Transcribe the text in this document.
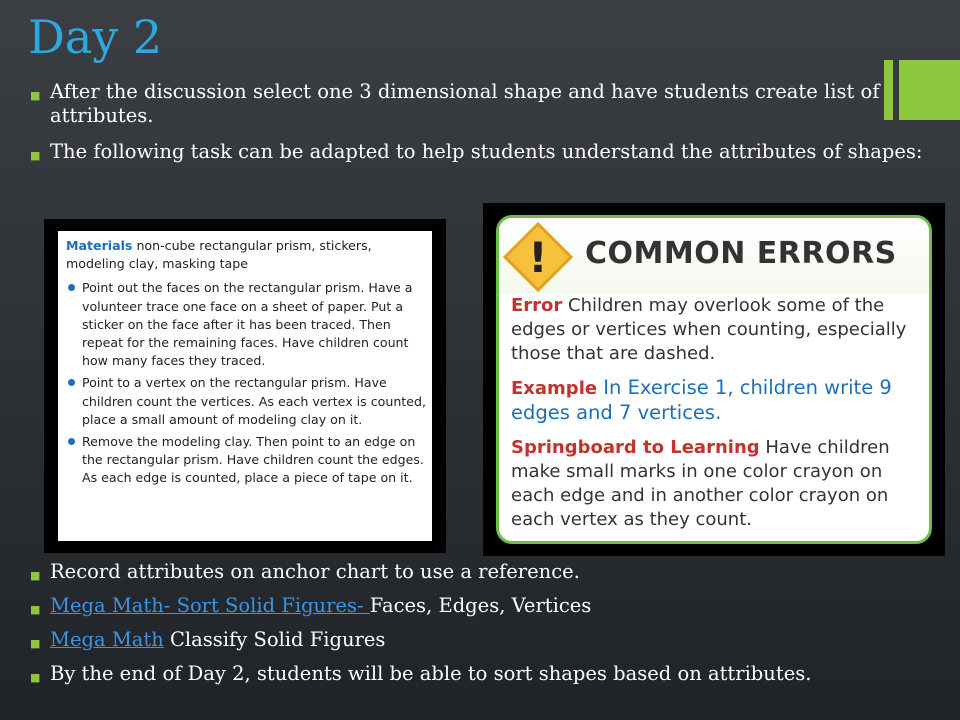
Day 2
■ After the discussion select one 3 dimensional shape and have students create list of attributes.
■ The following task can be adapted to help students understand the attributes of shapes:
Materials non-cube rectangular prism, stickers, modeling clay, masking tape
Point out the faces on the rectangular prism. Have a volunteer trace one face on a sheet of paper. Put a sticker on the face after it has been traced. Then repeat for the remaining faces. Have children count how many faces they traced.
Point to a vertex on the rectangular prism. Have children count the vertices. As each vertex is counted, place a small amount of modeling clay on it.
Remove the modeling clay. Then point to an edge on the rectangular prism. Have children count the edges. As each edge is counted, place a piece of tape on it.
! COMMON ERRORS

Error Children may overlook some of the edges or vertices when counting, especially those that are dashed.

Example In Exercise 1, children write 9 edges and 7 vertices.

Springboard to Learning Have children make small marks in one color crayon on each edge and in another color crayon on each vertex as they count.

■ Record attributes on anchor chart to use a reference.
■ Mega Math- Sort Solid Figures- Faces, Edges, Vertices
■ Mega Math Classify Solid Figures
■ By the end of Day 2, students will be able to sort shapes based on attributes.
